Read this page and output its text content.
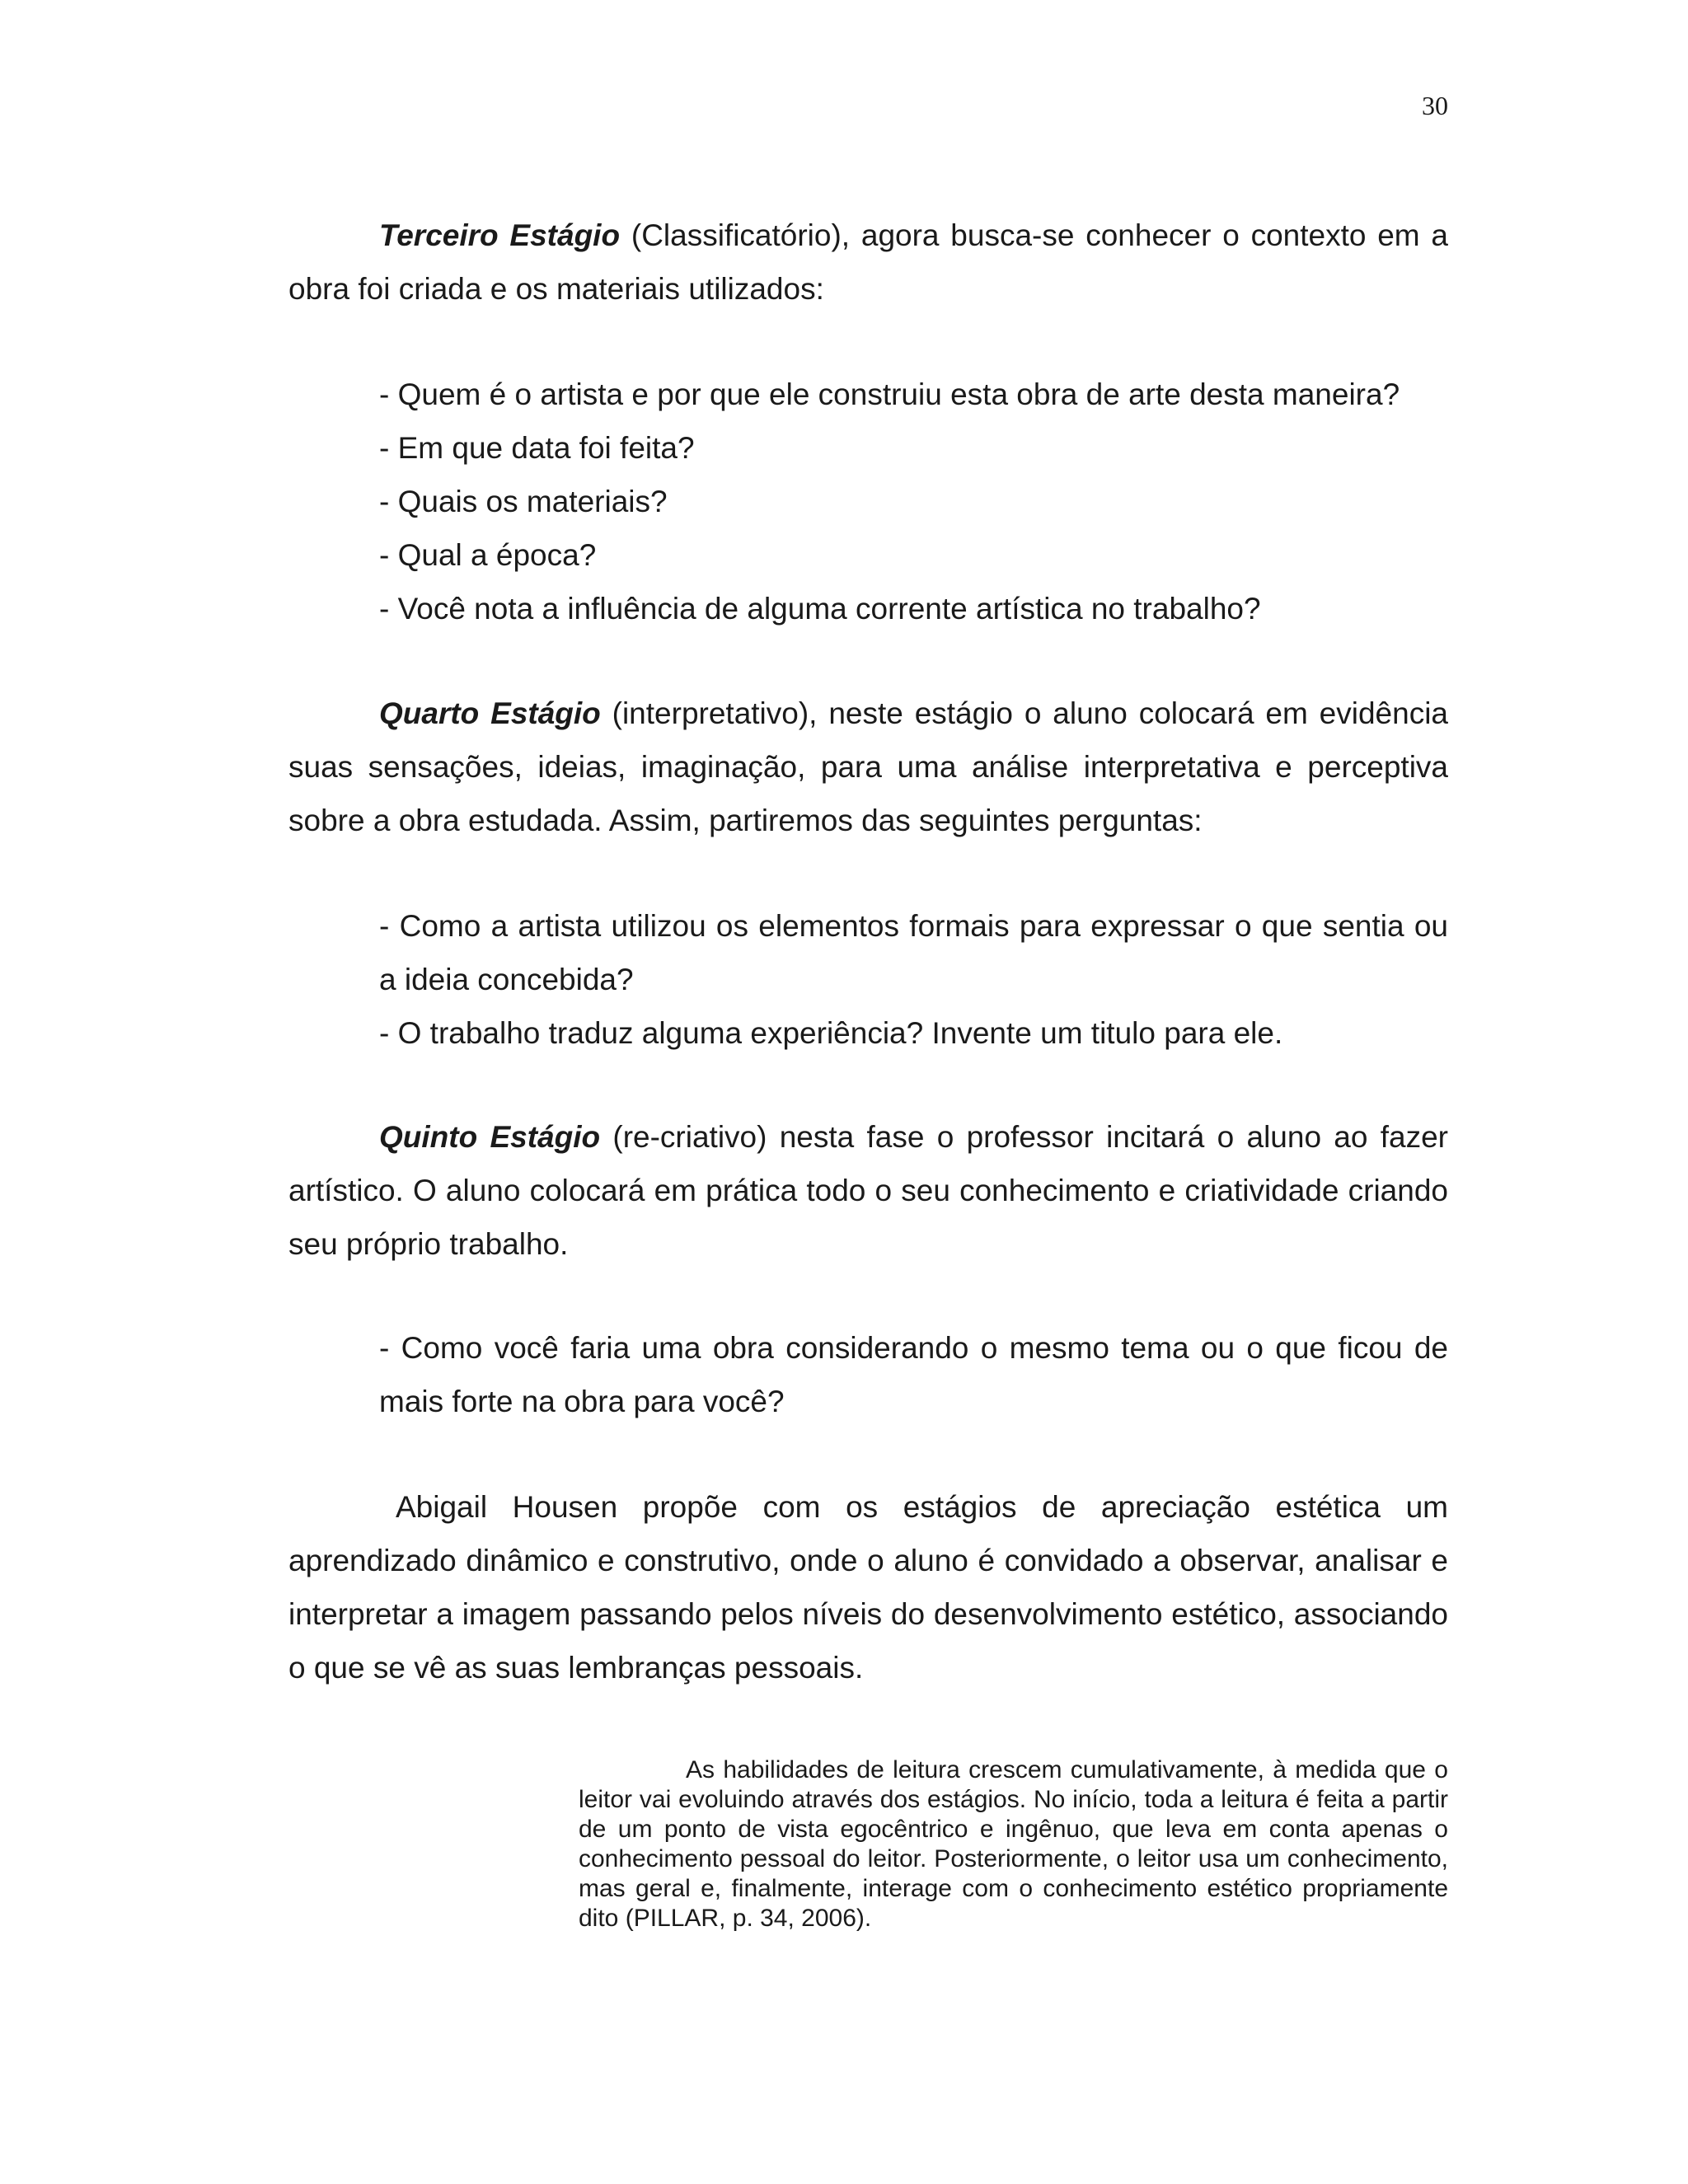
30

Terceiro Estágio (Classificatório), agora busca-se conhecer o contexto em a obra foi criada e os materiais utilizados:

- Quem é o artista e por que ele construiu esta obra de arte desta maneira?
- Em que data foi feita?
- Quais os materiais?
- Qual a época?
- Você nota a influência de alguma corrente artística no trabalho?

Quarto Estágio (interpretativo), neste estágio o aluno colocará em evidência suas sensações, ideias, imaginação, para uma análise interpretativa e perceptiva sobre a obra estudada. Assim, partiremos das seguintes perguntas:

- Como a artista utilizou os elementos formais para expressar o que sentia ou a ideia concebida?
- O trabalho traduz alguma experiência? Invente um titulo para ele.

Quinto Estágio (re-criativo) nesta fase o professor incitará o aluno ao fazer artístico. O aluno colocará em prática todo o seu conhecimento e criatividade criando seu próprio trabalho.

- Como você faria uma obra considerando o mesmo tema ou o que ficou de mais forte na obra para você?

Abigail Housen propõe com os estágios de apreciação estética um aprendizado dinâmico e construtivo, onde o aluno é convidado a observar, analisar e interpretar a imagem passando pelos níveis do desenvolvimento estético, associando o que se vê as suas lembranças pessoais.

As habilidades de leitura crescem cumulativamente, à medida que o leitor vai evoluindo através dos estágios. No início, toda a leitura é feita a partir de um ponto de vista egocêntrico e ingênuo, que leva em conta apenas o conhecimento pessoal do leitor. Posteriormente, o leitor usa um conhecimento, mas geral e, finalmente, interage com o conhecimento estético propriamente dito (PILLAR, p. 34, 2006).
